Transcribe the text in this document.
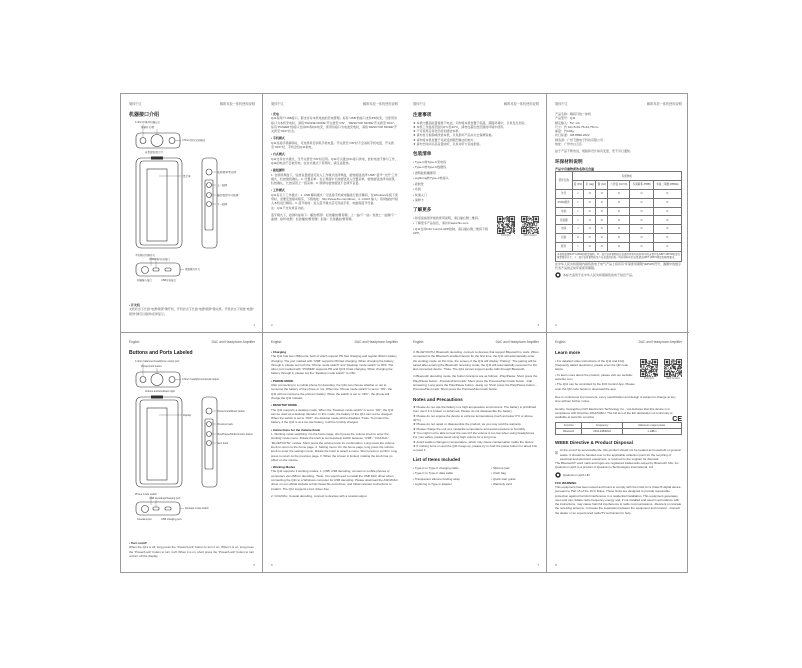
简体中文	解码耳放一体机使用说明
4.4mm平衡耳机输出口
屏幕开关/锁
3.5mm耳机/光纤输出
音量旋钮/指示灯
显示屏
电源/锁屏/复位键
上一曲键
播放/暂停/多功能键
下一曲键
手机模式切换开关
USB解码/充电接口
桌面模式开关
同轴输入接口	USB充电接口
机器接口介绍
• 开关机

关机状态下长按“电源/锁屏”键开机，开机状态下长按“电源/锁屏”键关机。开机状态下短按“电源/锁屏”键可以熄屏/亮屏显示。

1
简体中文	解码耳放一体机使用说明
• 充电

Q11有两个USB接口，都支持对本机电池的充电管理。标有“USB”的接口支持PD快充，当使用该接口为本机充电时，请将“PHONE MODE”开关拨至“ON”，“DESKTOP MODE”开关拨至“OFF”。标有“POWER”的接口支持PD和QC快充，使用该接口为电池充电时，请将“DESKTOP MODE”开关拨至“OFF”状态。

• 手机模式

Q11连接手机解码时，可选择是否消耗手机电量。开关拨至“ON”时不会消耗手机电量，开关拨至“OFF”时，手机会给Q11供电。

• 台式模式

Q11支持台式模式，当开关拨至“ON”时启用。Q11可以通过DC接口供电，此时电池不参与工作，Q11的电池不会被充电。在台式模式下使用时，请注意散热。

• 旋钮操作

1. 在锁屏界面下，轻按音量旋钮可进入工作模式选择界面，旋转旋钮选择“USB”“蓝牙”“光纤”工作模式，轻按旋钮确认。2. 设置菜单：在主界面中长按旋钮进入设置菜单，旋转旋钮选择功能项，轻按确认，长按返回上一级菜单。3. 锁屏时旋转旋钮不会调节音量。

• 工作模式

Q11有以下工作模式：1. USB 解码模式：可连接手机或电脑进行数字解码，在Windows系统下使用时，需要安装驱动程序，下载地址：http://www.fiio.com/driver。2. COAX 输入：将同轴信号接入本机进行解码。3. 蓝牙接收：进入蓝牙模式后可连接手机、电脑等蓝牙设备。

注：Q11不支持录音功能。

蓝牙模式下，按键功能如下：播放/暂停：轻按播放/暂停键；上一曲/下一曲：短按上一曲键/下一曲键；接听/挂断：轻按播放/暂停键；拒接：长按播放/暂停键。

2
简体中文	解码耳放一体机使用说明
注意事项

★ 本机内置高能量锂离子电池，切勿将本机放置于高温、潮湿环境中，以免发生危险。

★ 本机工作温度范围为0°C至40°C，请勿在超出此范围的环境中使用。

★ 不可使用任何化学溶剂清洁本机。

★ 请勿自行拆卸或改装本机，以免损坏产品并失去保修资格。

★ 请勿将本机放置于可能受到强烈撞击的地方。

★ 请勿长时间以高音量收听，以免对听力造成损害。

包装清单
• Type-C转Type-C充电线
• Type-C转Type-C数据线
• 透明硅胶捆绑带
• Lightning转Type-C转接头
• 硅胶垫
• 布袋
• 快速入门
• 保修卡
了解更多
FiiO Q11	FiiO Control
• 如需查看更详细的使用说明，请扫描右侧二维码。
• 了解更多产品信息，请访问www.fiio.com
• Q11支持FiiO Control APP控制，请扫描右侧二维码下载APP。
3
简体中文	解码耳放一体机使用说明

产品名称：解码耳放一体机

产品型号：Q11

额定输入：5V⎓2A

尺寸：约 101.5x61.75x12.75mm

重量：约108g

执行标准：GB 8898-2022

制造商：广州飞傲电子科技有限公司

地址：广州市白云区

由于产品不断改进，规格和设计如有变更，恕不另行通知。

环保材料说明
产品中有害物质的名称及含量
部件名称	有害物质					
	铅 (Pb)	汞 (Hg)	镉 (Cd)	六价铬 (Cr(VI))	多溴联苯 (PBB)	多溴二苯醚 (PBDE)
外壳	×	O	O	O	O	O
PCBA组件	×	O	O	O	O	O
电池	×	O	O	O	O	O
连接器	×	O	O	O	O	O
电线	×	O	O	O	O	O
包装	O	O	O	O	O	O
配件	×	O	O	O	O	O
本表格依据SJ/T 11364的规定编制。O：表示该有害物质在该部件所有均质材料中的含量均在GB/T 26572规定的限量要求以下。×：表示该有害物质至少在该部件的某一均质材料中的含量超出GB/T 26572规定的限量要求。

在中华人民共和国境内销售的电子电气产品上将印有“环保使用期限”(EPUP)符号，圆圈中的数字代表产品的正常环保使用期限。

本标志适用于在中华人民共和国销售的电子信息产品。
4
English	DAC and Headphone Amplifier
4.4mm balanced headphone output port
Power/Lock button
3.5mm headphone/coaxial output
Volume knob/indicator light
Display
Power/Lock/Reset button
Previous track
Play/Pause/Multi-function button
Next track
Phone mode switch
USB decoding/charging port
Desktop mode switch
Coaxial input	USB charging port
Buttons and Ports Labeled
• Turn on/off

When the Q11 is off, long press the “Power/Lock” button to turn it on. When it is on, long press the “Power/Lock” button to turn it off. When it is on, short press the “Power/Lock” button to turn on/turn off the display.

5
English	DAC and Headphone Amplifier
• Charging

The Q11 has two USB ports, both of which support PD fast charging and regular lithium battery charging. The port marked with “USB” supports PD fast charging. When charging the battery through it, please set both the “Phone mode switch” and “Desktop mode switch” to OFF. The other port marked with “POWER” supports PD and QC3.0 fast charging. When charging the battery through it, please set the “Desktop mode switch” to OFF.

• PHONE MODE

After connecting to a mobile phone for decoding, the Q11 can choose whether or not to consume the battery of the phone or not. When the “Phone mode switch” is set to “ON”, the Q11 will not consume the phone’s battery. When the switch is set to “OFF”, the phone will charge the Q11 instead.

• DESKTOP MODE

The Q11 supports a desktop mode. When the “Desktop mode switch” is set to “ON”, the Q11 can be used as a desktop decoder. In this mode, the battery of the Q11 can not be charged. When the switch is set to “OFF”, the desktop mode will be disabled. *Note: To protect the battery, if the Q11 is at a too low battery, it will be forcibly charged.

• Instructions for the Volume Knob

1. Working mode switching: On the home page, short press the volume knob to enter the working mode menu. Rotate the knob to successively switch between “USB”, “COAXIAL”, “BLUETOOTH” modes. Short press the volume knob for confirmation. Long press the volume knob to return to the home page. 2. Setting menu: On the home page, long press the volume knob to enter the settings menu. Rotate the knob to select a menu. Short press to confirm, long press to return to the previous page. 3. When the screen is locked, rotating the knob has no effect on the volume.

• Working Modes

The Q11 supports 3 working modes: 1. USB: USB decoding, connect to mobile phones or computers via USB for decoding. *Note: You would need to install the USB DAC driver when connecting the Q11 to a Windows computer for USB decoding. Please download the ASIO/DAC driver on our official website at http://www.fiio.com/driver, and follow relevant instructions to install it. The Q11 supports Linux driver-free.

2. COAXIAL: Coaxial decoding, connect to devices with a coaxial output.

6
English	DAC and Headphone Amplifier

3. BLUETOOTH: Bluetooth decoding, connect to devices that support Bluetooth to work. When connected to the Bluetooth-enabled device for the first time, the Q11 will automatically enter the working mode. At this time, the screen of the Q11 will display “Pairing”. The pairing will be saved after entering the Bluetooth receiving mode; the Q11 will automatically reconnect to the last connected device. *Note: The Q11 cannot support audio calls through Bluetooth.

In Bluetooth decoding mode, the button functions are as follows: -Play/Pause: Short press the Play/Pause button. -Previous/Next track: Short press the Previous/Next track button. -Call answering: Long press the Play/Pause button. -Hang up: Short press the Play/Pause button. -Previous/Next track: Short press the Previous/Next track button.

Notes and Precautions

★ Please do not use the battery in a high-temperature environment. The battery is prohibited from use if it is broken or deformed. Please do not disassemble the battery.

★ Please do not expose the device to extreme temperatures (such as below 0°C or above 40°C).

★ Please do not repair or disassemble the product, as you may void the warranty.

★ Please charge the unit at a moderate temperature and avoid exposure to humidity.

★ You might not be able to hear the sound if the volume is too low when using headphones. For your safety, please avoid using high volume for a long time.

★ Avoid sudden changes in temperature, which may cause condensation inside the device.

★ If nothing turns on and the Q11 hangs up, please try to hold the power button for about 10s to reset it.

List of Items Included
• Type-C to Type-C charging cable	• Silicone pad
• Type-C to Type-C data cable	• Cloth bag
• Transparent silicone binding strap	• Quick start guide
• Lightning to Type-C adapter	• Warranty card
7
English	DAC and Headphone Amplifier
Learn more
FiiO Q11	FiiO Control
• For detailed video instructions of the Q11 and FAQ (frequently asked questions), please scan the QR code below.
• To learn more about the product, please visit our website: www.fiio.com
• The Q11 can be controlled by the FiiO Control App. Please scan the QR code below to download the app.

Due to continuous improvement, every specification and design is subject to change at any time without further notice.

Hereby, Guangzhou FiiO Electronics Technology Co., Ltd declares that this device is in compliance with Directive 2014/53/EU. The full text of the EU declaration of conformity is available at www.fiio.com/doc	CE
Function	Frequency	Maximum output power
Bluetooth	2402-2480MHz	1.1dBm
WEEE Directive & Product Disposal
At the end of its serviceable life, this product should not be treated as household or general waste. It should be handed over to the applicable collection point for the recycling of electrical and electronic equipment, or returned to the supplier for disposal.

The Bluetooth® word mark and logos are registered trademarks owned by Bluetooth SIG, Inc. Qualcomm aptX is a product of Qualcomm Technologies International, Ltd.

Qualcomm aptX HD
FCC WARNING

This equipment has been tested and found to comply with the limits for a Class B digital device, pursuant to Part 15 of the FCC Rules. These limits are designed to provide reasonable protection against harmful interference in a residential installation. This equipment generates, uses and can radiate radio frequency energy and, if not installed and used in accordance with the instructions, may cause harmful interference to radio communications. -Reorient or relocate the receiving antenna. -Increase the separation between the equipment and receiver. -Consult the dealer or an experienced radio/TV technician for help.

8
